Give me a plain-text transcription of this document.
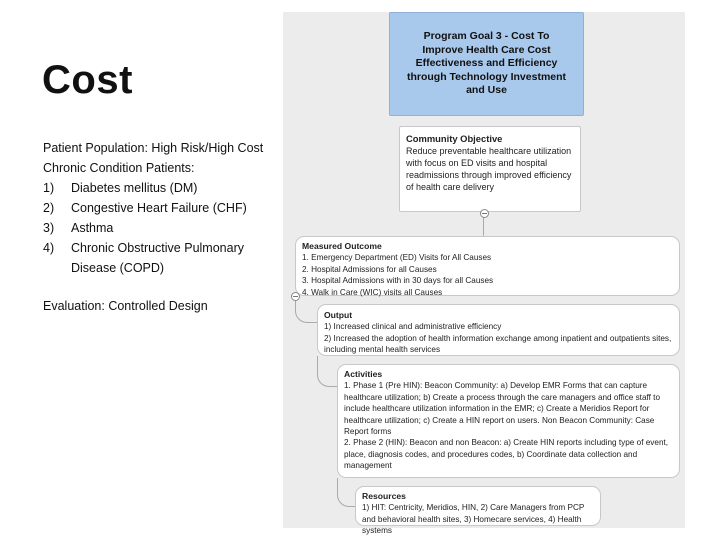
Cost

Patient Population: High Risk/High Cost Chronic Condition Patients:

1)	Diabetes mellitus (DM)
2)	Congestive Heart Failure (CHF)
3)	Asthma
4)	Chronic Obstructive Pulmonary Disease (COPD)

Evaluation: Controlled Design

Program Goal 3 - Cost To Improve Health Care Cost Effectiveness and Efficiency through Technology Investment and Use
Community Objective
Reduce preventable healthcare utilization with focus on ED visits and hospital readmissions through improved efficiency of health care delivery
Measured Outcome
1. Emergency Department (ED) Visits for All Causes
2. Hospital Admissions for all Causes
3. Hospital Admissions with in 30 days for all Causes
4. Walk in Care (WIC) visits all Causes
Output
1) Increased clinical and administrative efficiency
2) Increased the adoption of health information exchange among inpatient and outpatients sites, including mental health services
Activities
1. Phase 1 (Pre HIN): Beacon Community: a) Develop EMR Forms that can capture healthcare utilization; b) Create a process through the care managers and office staff to include healthcare utilization information in the EMR; c) Create a Meridios Report for healthcare utilization; c) Create a HIN report on users. Non Beacon Community: Case Report forms
2. Phase 2 (HIN): Beacon and non Beacon: a) Create HIN reports including type of event, place, diagnosis codes, and procedures codes, b) Coordinate data collection and management
Resources
1) HIT: Centricity, Meridios, HIN, 2) Care Managers from PCP and behavioral health sites, 3) Homecare services, 4) Health systems
